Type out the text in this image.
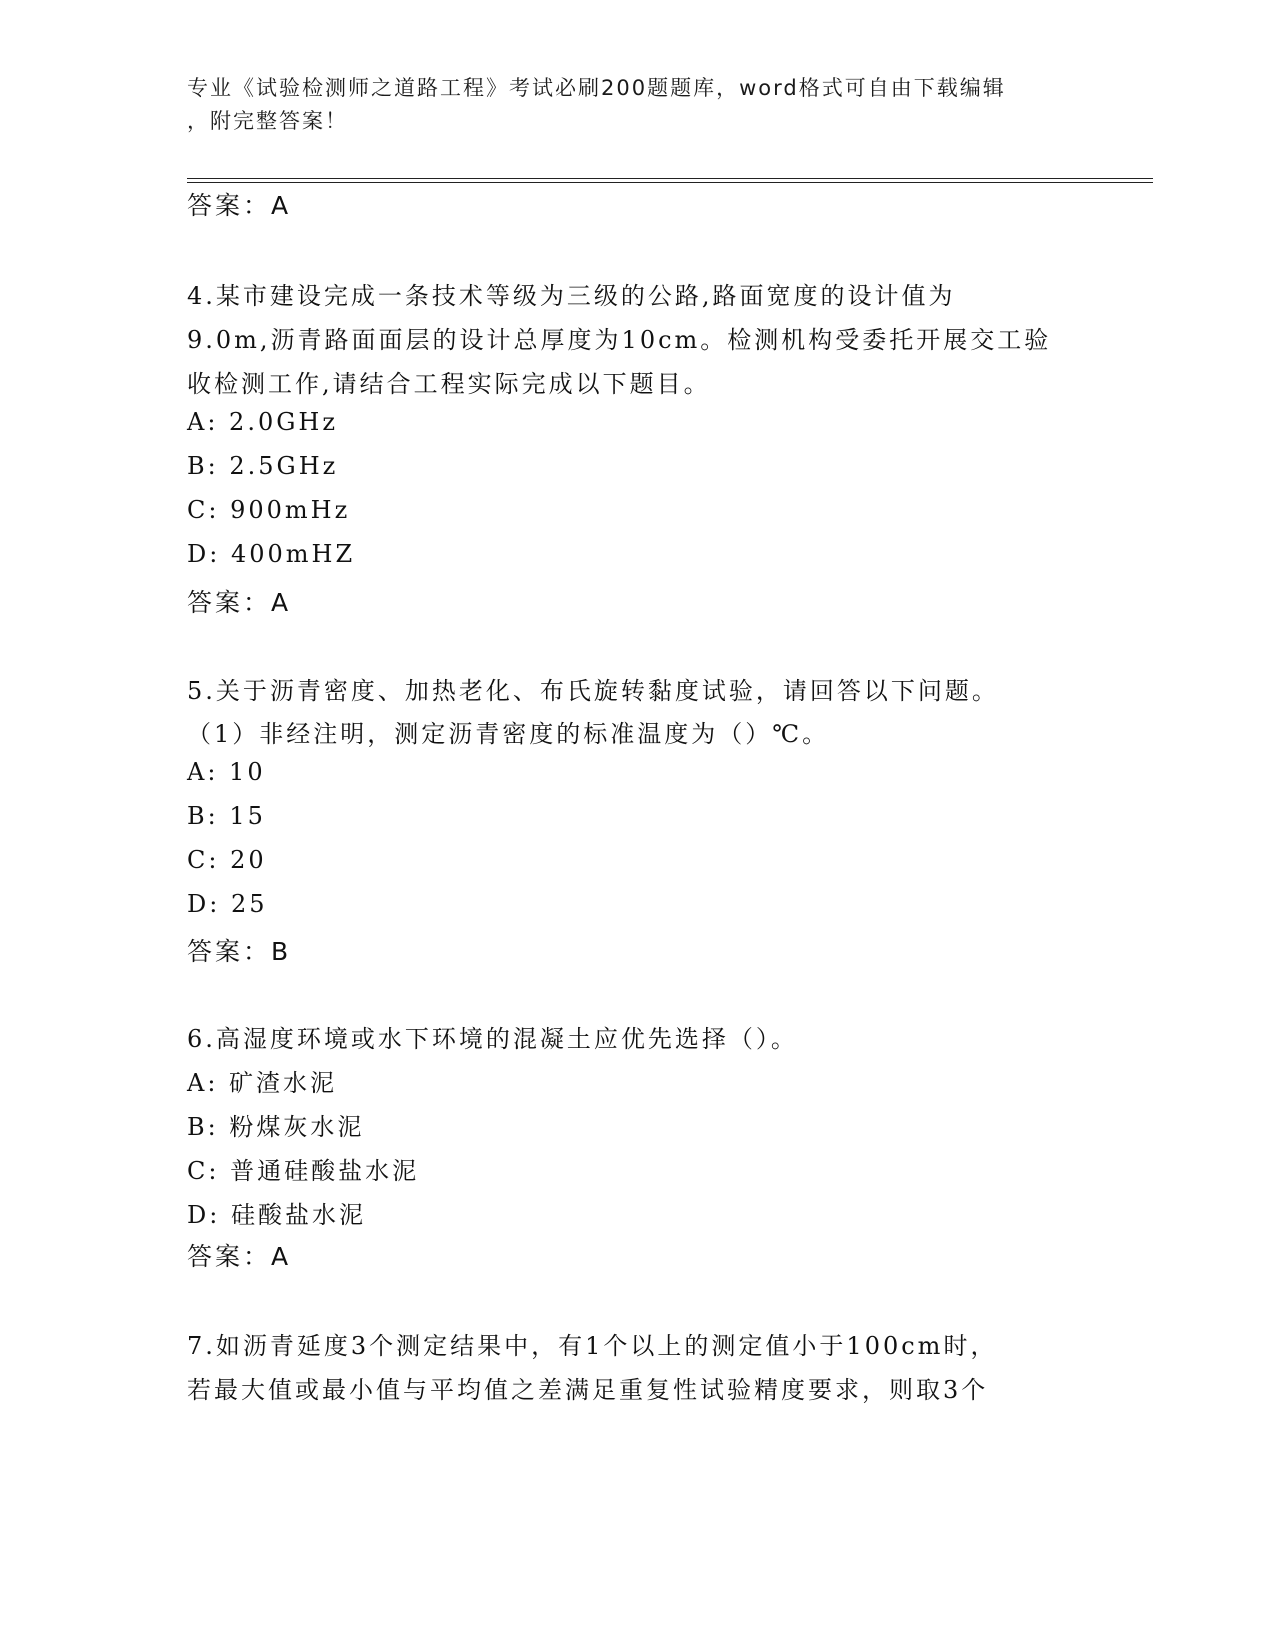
专业《试验检测师之道路工程》考试必刷200题题库，word格式可自由下载编辑
，附完整答案！
答案：A
4.某市建设完成一条技术等级为三级的公路,路面宽度的设计值为
9.0m,沥青路面面层的设计总厚度为10cm。检测机构受委托开展交工验
收检测工作,请结合工程实际完成以下题目。
A: 2.0GHz
B: 2.5GHz
C: 900mHz
D: 400mHZ
答案：A
5.关于沥青密度、加热老化、布氏旋转黏度试验，请回答以下问题。
（1）非经注明，测定沥青密度的标准温度为（）℃。
A: 10
B: 15
C: 20
D: 25
答案：B
6.高湿度环境或水下环境的混凝土应优先选择（）。
A: 矿渣水泥
B: 粉煤灰水泥
C: 普通硅酸盐水泥
D: 硅酸盐水泥
答案：A
7.如沥青延度3个测定结果中，有1个以上的测定值小于100cm时，
若最大值或最小值与平均值之差满足重复性试验精度要求，则取3个
